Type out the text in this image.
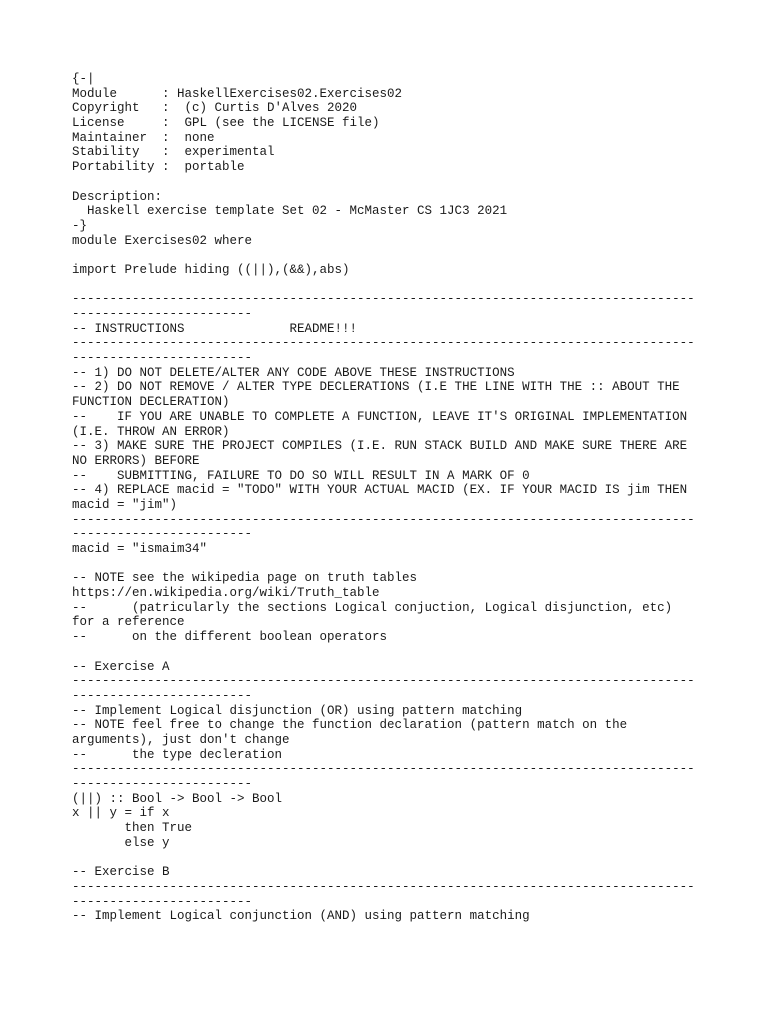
{-|
Module      : HaskellExercises02.Exercises02
Copyright   :  (c) Curtis D'Alves 2020
License     :  GPL (see the LICENSE file)
Maintainer  :  none
Stability   :  experimental
Portability :  portable
Description:
Haskell exercise template Set 02 - McMaster CS 1JC3 2021
-}
module Exercises02 where
import Prelude hiding ((||),(&&),abs)
-----------------------------------------------------------------------------------
------------------------
-- INSTRUCTIONS              README!!!
-----------------------------------------------------------------------------------
------------------------
-- 1) DO NOT DELETE/ALTER ANY CODE ABOVE THESE INSTRUCTIONS
-- 2) DO NOT REMOVE / ALTER TYPE DECLERATIONS (I.E THE LINE WITH THE :: ABOUT THE
FUNCTION DECLERATION)
--    IF YOU ARE UNABLE TO COMPLETE A FUNCTION, LEAVE IT'S ORIGINAL IMPLEMENTATION
(I.E. THROW AN ERROR)
-- 3) MAKE SURE THE PROJECT COMPILES (I.E. RUN STACK BUILD AND MAKE SURE THERE ARE
NO ERRORS) BEFORE
--    SUBMITTING, FAILURE TO DO SO WILL RESULT IN A MARK OF 0
-- 4) REPLACE macid = "TODO" WITH YOUR ACTUAL MACID (EX. IF YOUR MACID IS jim THEN
macid = "jim")
-----------------------------------------------------------------------------------
------------------------
macid = "ismaim34"
-- NOTE see the wikipedia page on truth tables
https://en.wikipedia.org/wiki/Truth_table
--      (patricularly the sections Logical conjuction, Logical disjunction, etc)
for a reference
--      on the different boolean operators
-- Exercise A
-----------------------------------------------------------------------------------
------------------------
-- Implement Logical disjunction (OR) using pattern matching
-- NOTE feel free to change the function declaration (pattern match on the
arguments), just don't change
--      the type decleration
-----------------------------------------------------------------------------------
------------------------
(||) :: Bool -> Bool -> Bool
x || y = if x
then True
else y
-- Exercise B
-----------------------------------------------------------------------------------
------------------------
-- Implement Logical conjunction (AND) using pattern matching
